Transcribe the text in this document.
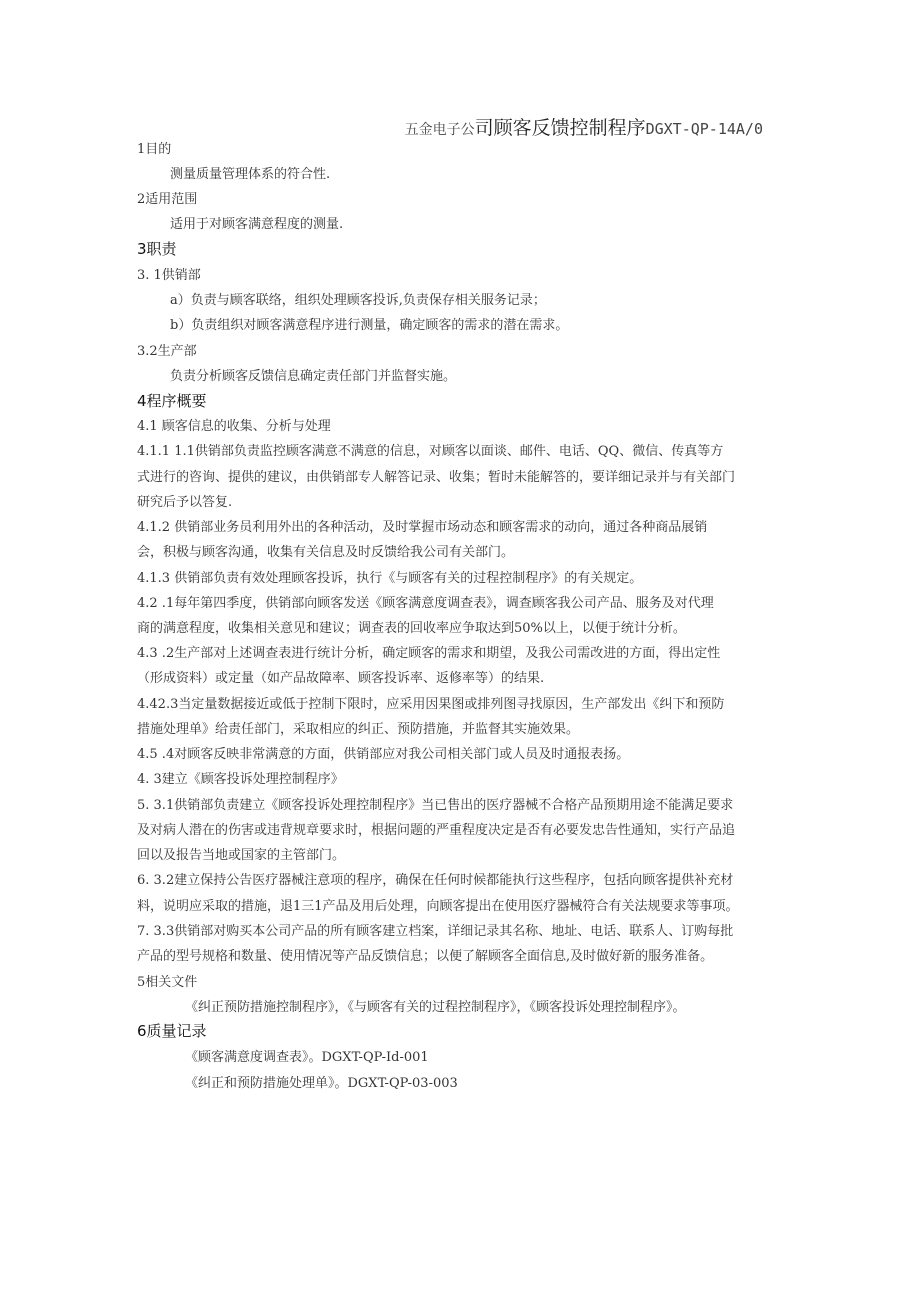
五金电子公司顾客反馈控制程序DGXT-QP-14A/0
1目的
测量质量管理体系的符合性.
2适用范围
适用于对顾客满意程度的测量.
3职责
3. 1供销部
a）负责与顾客联络，组织处理顾客投诉,负责保存相关服务记录；
b）负责组织对顾客满意程序进行测量，确定顾客的需求的潜在需求。
3.2生产部
负责分析顾客反馈信息确定责任部门并监督实施。
4程序概要
4.1 顾客信息的收集、分析与处理
4.1.1 1.1供销部负责监控顾客满意不满意的信息，对顾客以面谈、邮件、电话、QQ、微信、传真等方
式进行的咨询、提供的建议，由供销部专人解答记录、收集；暂时未能解答的，要详细记录并与有关部门
研究后予以答复.
4.1.2 供销部业务员利用外出的各种活动，及时掌握市场动态和顾客需求的动向，通过各种商品展销
会，积极与顾客沟通，收集有关信息及时反馈给我公司有关部门。
4.1.3 供销部负责有效处理顾客投诉，执行《与顾客有关的过程控制程序》的有关规定。
4.2 .1每年第四季度，供销部向顾客发送《顾客满意度调查表》，调查顾客我公司产品、服务及对代理
商的满意程度，收集相关意见和建议；调查表的回收率应争取达到50%以上，以便于统计分析。
4.3 .2生产部对上述调查表进行统计分析，确定顾客的需求和期望，及我公司需改进的方面，得出定性
（形成资料）或定量（如产品故障率、顾客投诉率、返修率等）的结果.
4.42.3当定量数据接近或低于控制下限时，应采用因果图或排列图寻找原因，生产部发出《纠下和预防
措施处理单》给责任部门，采取相应的纠正、预防措施，并监督其实施效果。
4.5 .4对顾客反映非常满意的方面，供销部应对我公司相关部门或人员及时通报表扬。
4. 3建立《顾客投诉处理控制程序》
5. 3.1供销部负责建立《顾客投诉处理控制程序》当已售出的医疗器械不合格产品预期用途不能满足要求
及对病人潜在的伤害或违背规章要求时，根据问题的严重程度决定是否有必要发忠告性通知，实行产品追
回以及报告当地或国家的主管部门。
6. 3.2建立保持公告医疗器械注意项的程序，确保在任何时候都能执行这些程序，包括向顾客提供补充材
料，说明应采取的措施，退1三1产品及用后处理，向顾客提出在使用医疗器械符合有关法规要求等事项。
7. 3.3供销部对购买本公司产品的所有顾客建立档案，详细记录其名称、地址、电话、联系人、订购每批
产品的型号规格和数量、使用情况等产品反馈信息；以便了解顾客全面信息,及时做好新的服务准备。
5相关文件
《纠正预防措施控制程序》，《与顾客有关的过程控制程序》，《顾客投诉处理控制程序》。
6质量记录
《顾客满意度调查表》。DGXT-QP-Id-001
《纠正和预防措施处理单》。DGXT-QP-03-003
